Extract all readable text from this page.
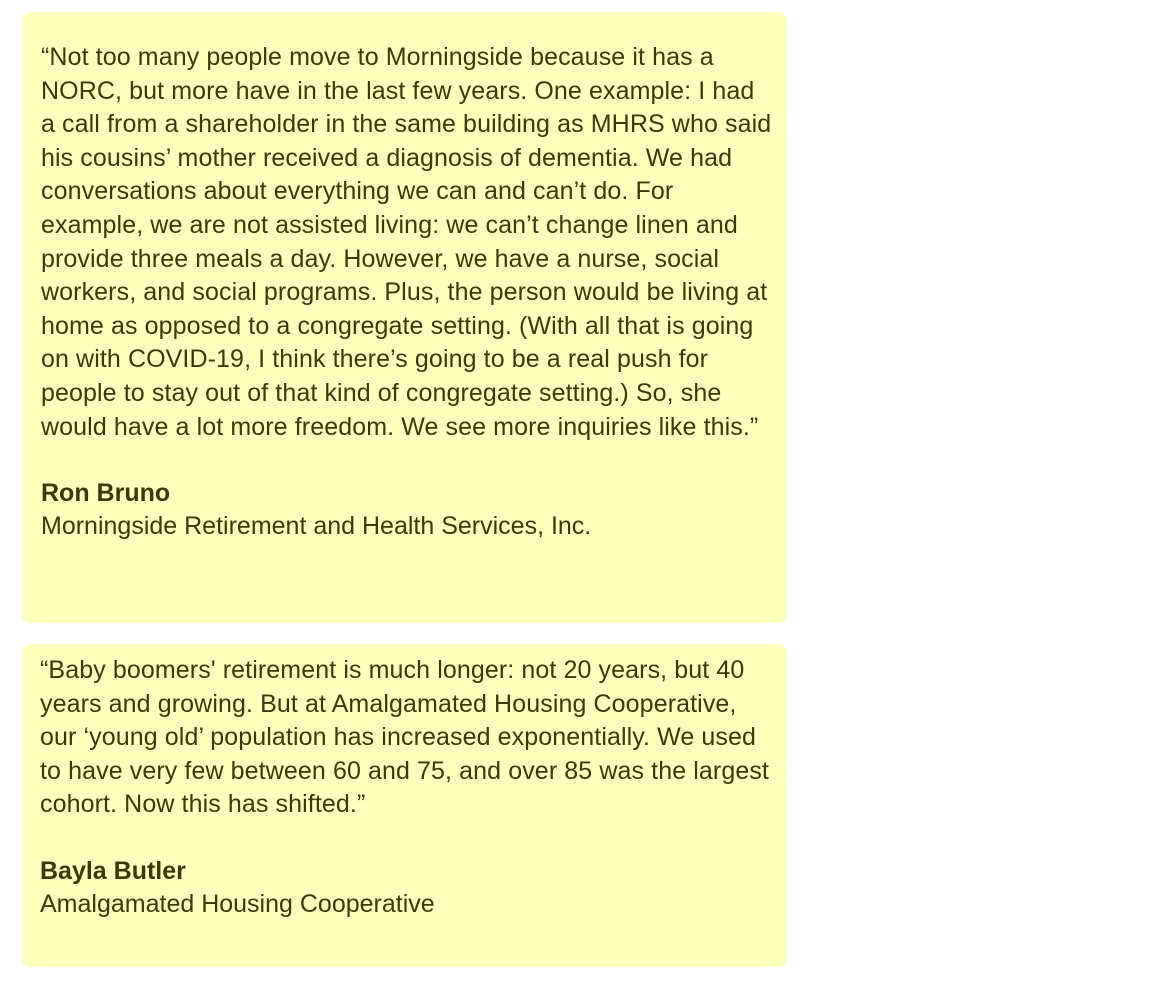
“Not too many people move to Morningside because it has a NORC, but more have in the last few years. One example: I had a call from a shareholder in the same building as MHRS who said his cousins’ mother received a diagnosis of dementia. We had conversations about everything we can and can’t do. For example, we are not assisted living: we can’t change linen and provide three meals a day. However, we have a nurse, social workers, and social programs. Plus, the person would be living at home as opposed to a congregate setting. (With all that is going on with COVID-19, I think there’s going to be a real push for people to stay out of that kind of congregate setting.) So, she would have a lot more freedom. We see more inquiries like this.”

Ron Bruno

Morningside Retirement and Health Services, Inc.

“Baby boomers' retirement is much longer: not 20 years, but 40 years and growing. But at Amalgamated Housing Cooperative, our ‘young old’ population has increased exponentially. We used to have very few between 60 and 75, and over 85 was the largest cohort. Now this has shifted.”

Bayla Butler

Amalgamated Housing Cooperative
